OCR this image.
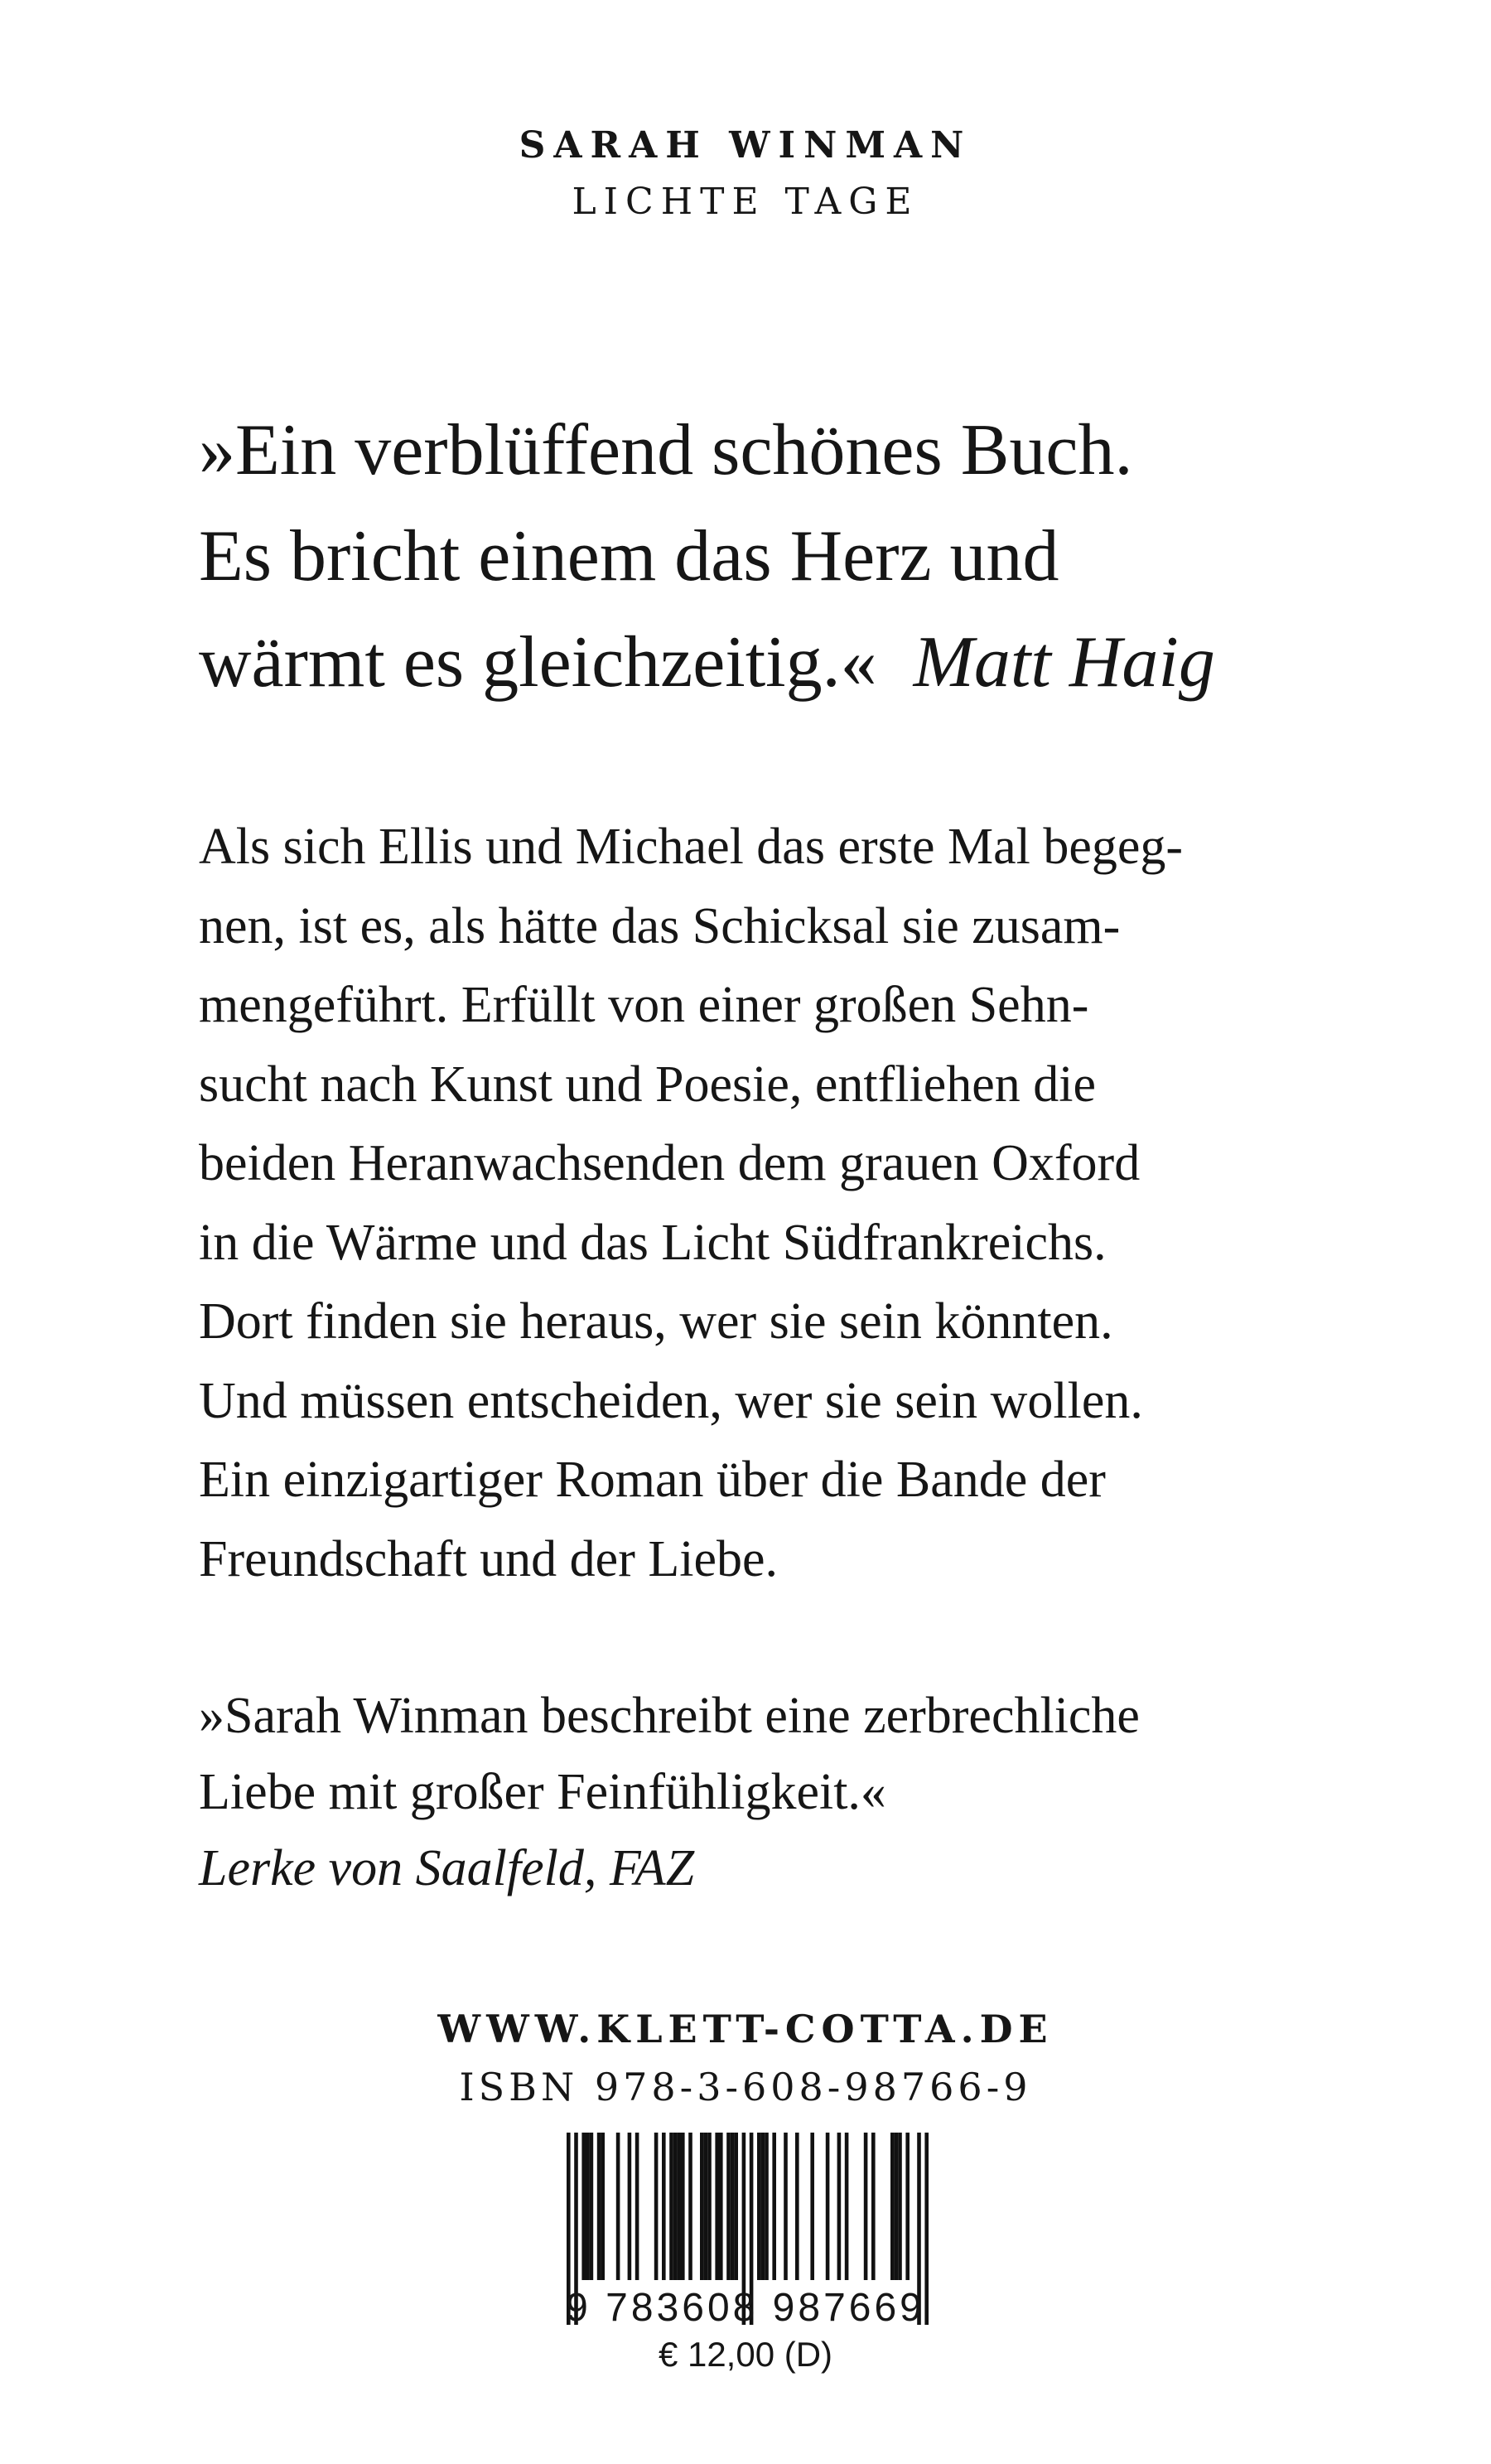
SARAH WINMAN
LICHTE TAGE
»Ein verblüffend schönes Buch.
Es bricht einem das Herz und
wärmt es gleichzeitig.« Matt Haig
Als sich Ellis und Michael das erste Mal begeg-
nen, ist es, als hätte das Schicksal sie zusam-
mengeführt. Erfüllt von einer großen Sehn-
sucht nach Kunst und Poesie, entfliehen die
beiden Heranwachsenden dem grauen Oxford
in die Wärme und das Licht Südfrankreichs.
Dort finden sie heraus, wer sie sein könnten.
Und müssen entscheiden, wer sie sein wollen.
Ein einzigartiger Roman über die Bande der
Freundschaft und der Liebe.
»Sarah Winman beschreibt eine zerbrechliche
Liebe mit großer Feinfühligkeit.«
Lerke von Saalfeld, FAZ
WWW.KLETT-COTTA.DE
ISBN 978-3-608-98766-9
9 783608 987669
€ 12,00 (D)
